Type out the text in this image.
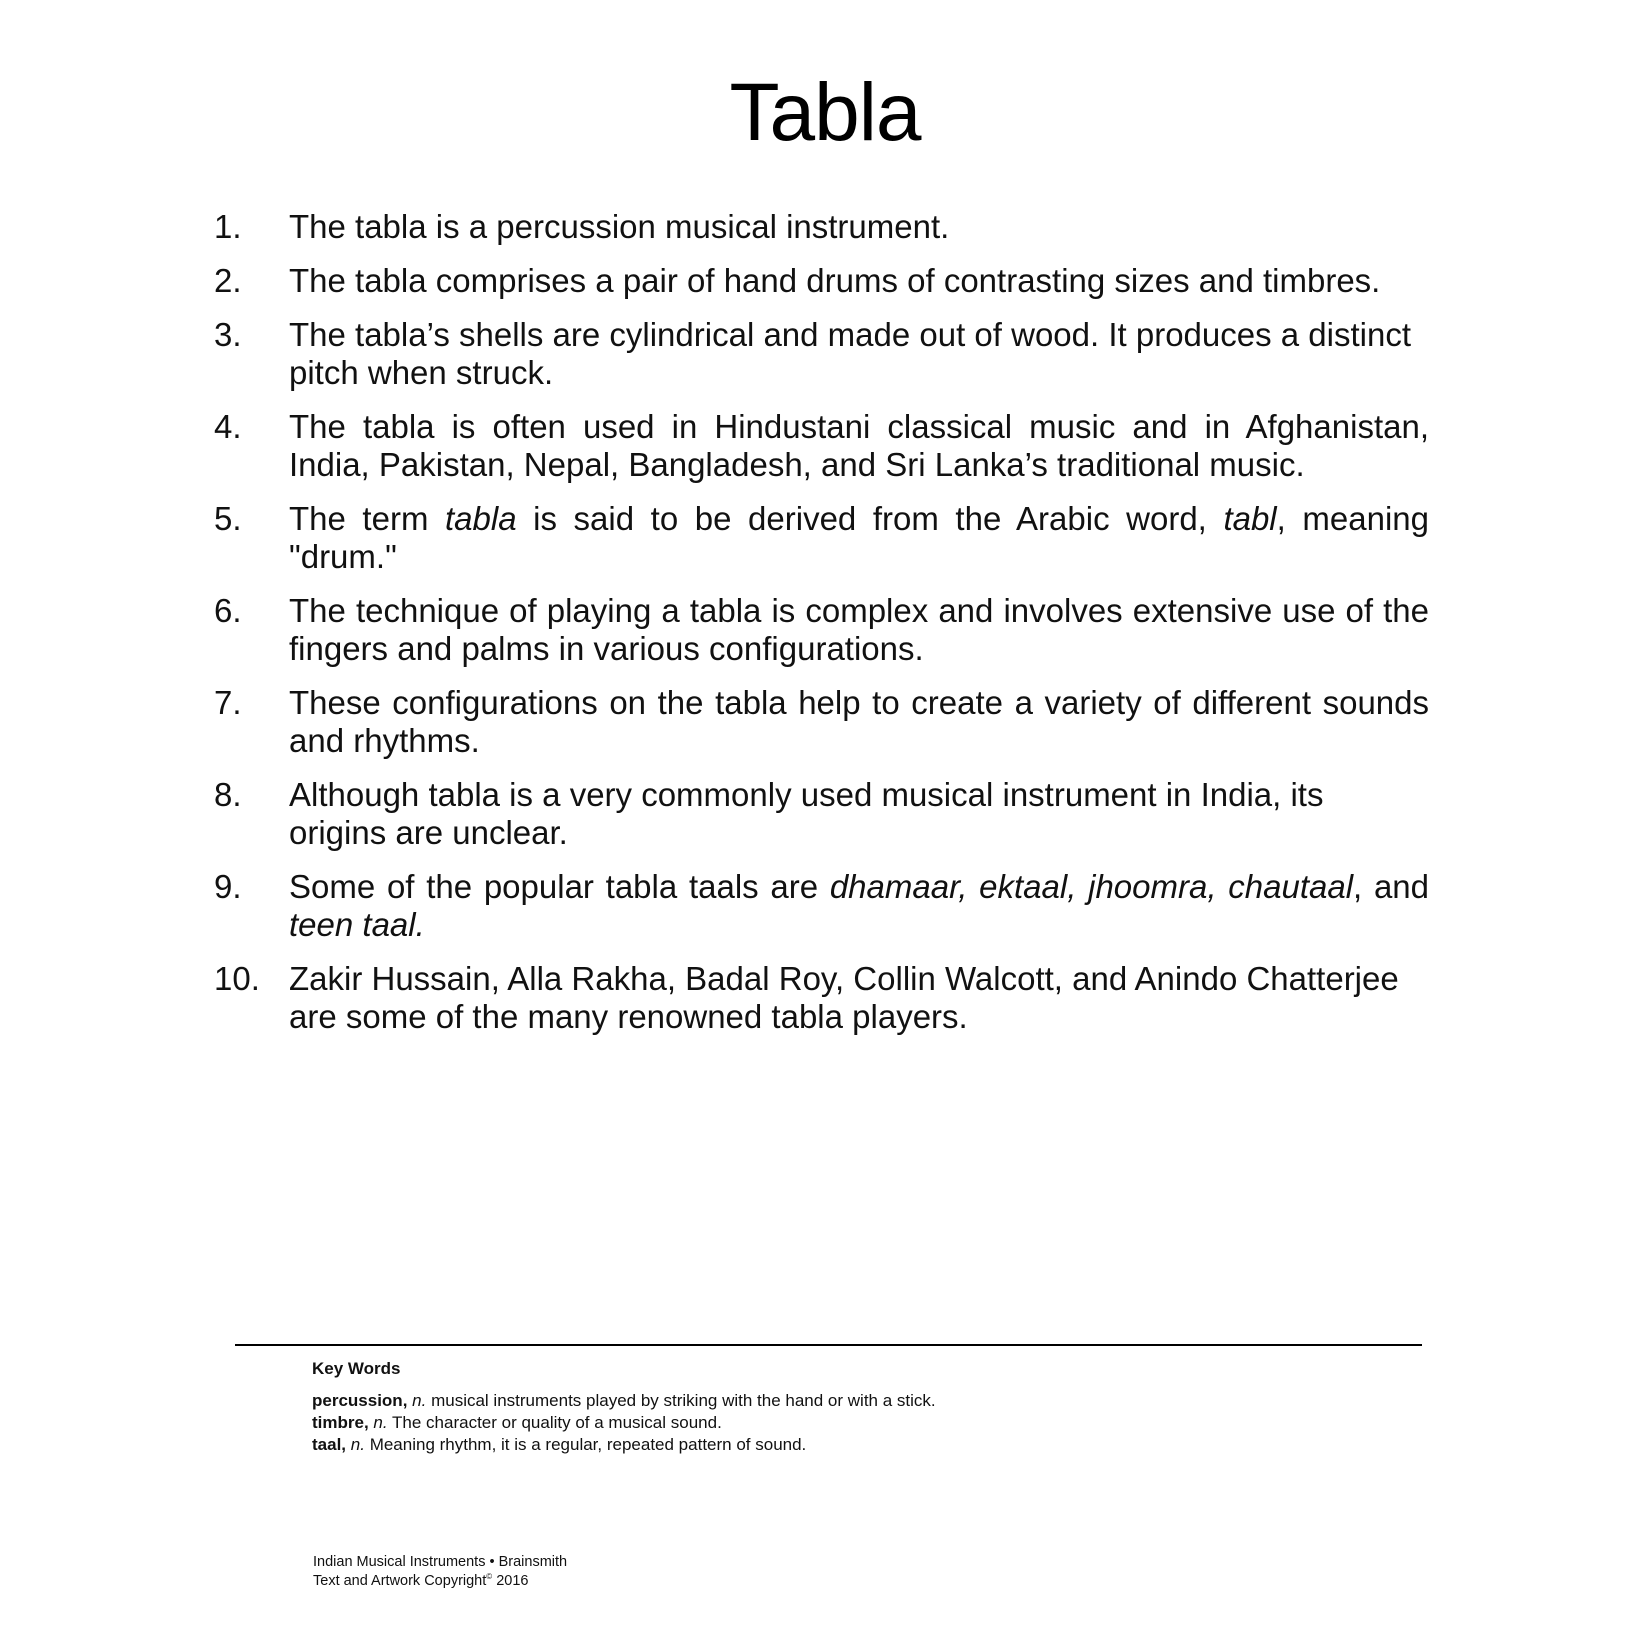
Tabla
1.	The tabla is a percussion musical instrument.
2.	The tabla comprises a pair of hand drums of contrasting sizes and timbres.
3.	The tabla’s shells are cylindrical and made out of wood. It produces a distinct pitch when struck.
4.	The tabla is often used in Hindustani classical music and in Afghanistan, India, Pakistan, Nepal, Bangladesh, and Sri Lanka’s traditional music.
5.	The term tabla is said to be derived from the Arabic word, tabl, meaning "drum."
6.	The technique of playing a tabla is complex and involves extensive use of the fingers and palms in various configurations.
7.	These configurations on the tabla help to create a variety of different sounds and rhythms.
8.	Although tabla is a very commonly used musical instrument in India, its origins are unclear.
9.	Some of the popular tabla taals are dhamaar, ektaal, jhoomra, chautaal, and teen taal.
10. Zakir Hussain, Alla Rakha, Badal Roy, Collin Walcott, and Anindo Chatterjee are some of the many renowned tabla players.
Key Words
percussion, n. musical instruments played by striking with the hand or with a stick.
timbre, n. The character or quality of a musical sound.
taal, n. Meaning rhythm, it is a regular, repeated pattern of sound.
Indian Musical Instruments • Brainsmith
Text and Artwork Copyright© 2016
